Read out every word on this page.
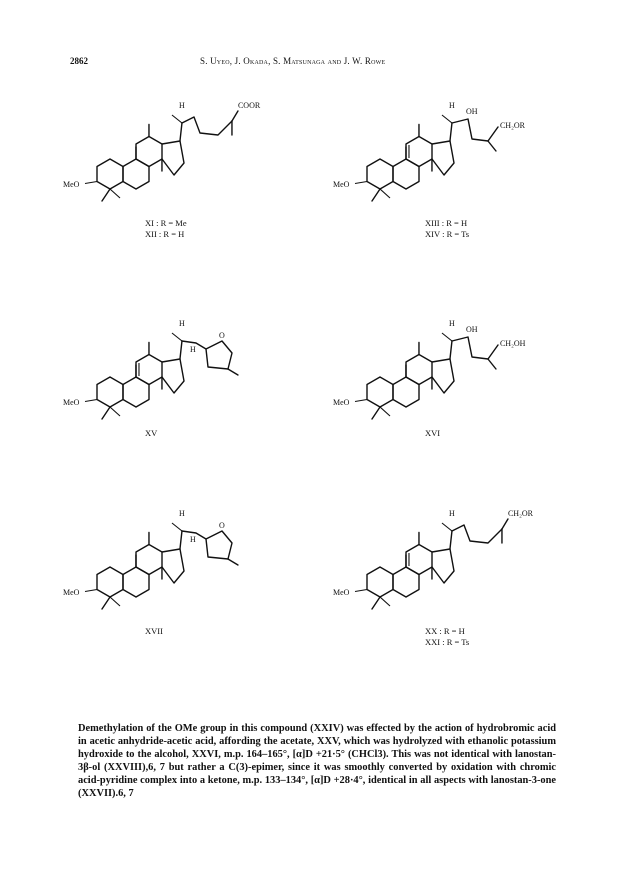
2862	S. Uyeo, J. Okada, S. Matsunaga and J. W. Rowe
MeO
H	COOR
XI : R = Me
XII : R = H
MeO
H
OH
CH₂OR
XIII : R = H
XIV : R = Ts
MeO
H
H
O
XV
MeO
H
OH
CH₂OH
XVI
MeO
H
H
O
XVII
MeO
H	CH₂OR
XX : R = H
XXI : R = Ts

Demethylation of the OMe group in this compound (XXIV) was effected by the action of hydrobromic acid in acetic anhydride-acetic acid, affording the acetate, XXV, which was hydrolyzed with ethanolic potassium hydroxide to the alcohol, XXVI, m.p. 164–165°, [α]D +21·5° (CHCl3). This was not identical with lanostan-3β-ol (XXVIII),6, 7 but rather a C(3)-epimer, since it was smoothly converted by oxidation with chromic acid-pyridine complex into a ketone, m.p. 133–134°, [α]D +28·4°, identical in all aspects with lanostan-3-one (XXVII).6, 7
